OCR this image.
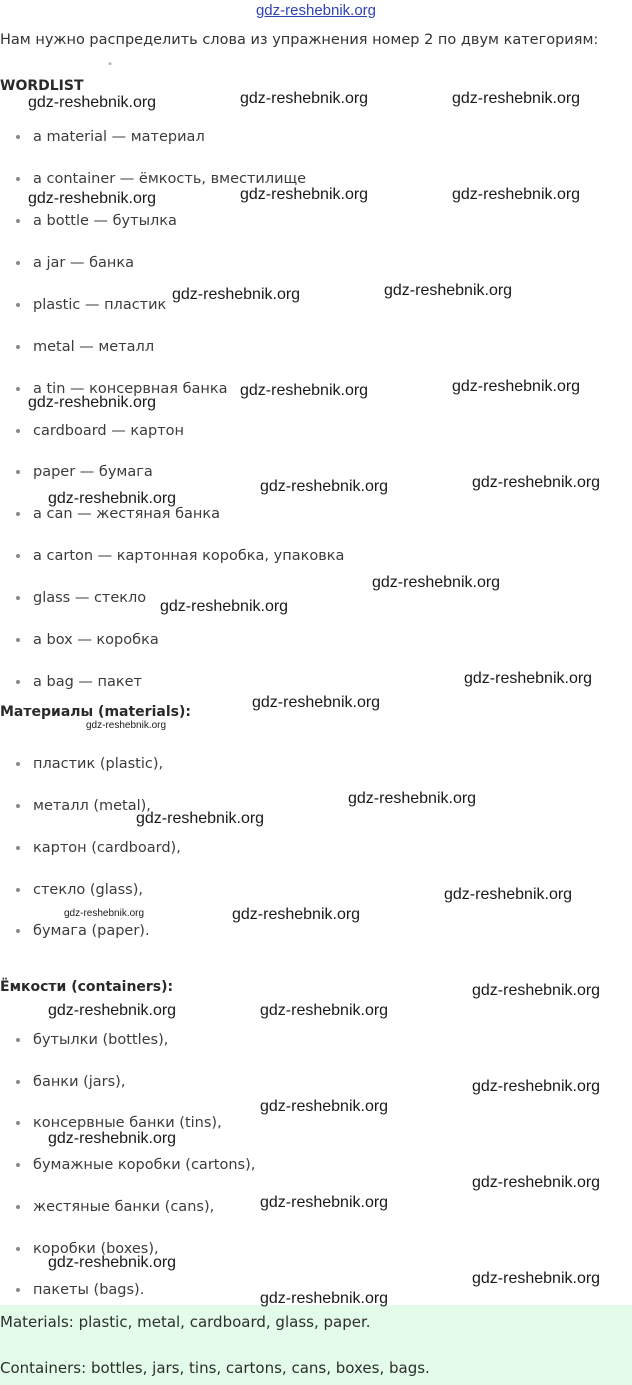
gdz-reshebnik.org
Нам нужно распределить слова из упражнения номер 2 по двум категориям:
"
WORDLIST
a material — материал
a container — ёмкость, вместилище
a bottle — бутылка
a jar — банка
plastic — пластик
metal — металл
a tin — консервная банка
cardboard — картон
paper — бумага
a can — жестяная банка
a carton — картонная коробка, упаковка
glass — стекло
a box — коробка
a bag — пакет
Материалы (materials):
пластик (plastic),
металл (metal),
картон (cardboard),
стекло (glass),
бумага (paper).
Ёмкости (containers):
бутылки (bottles),
банки (jars),
консервные банки (tins),
бумажные коробки (cartons),
жестяные банки (cans),
коробки (boxes),
пакеты (bags).
Materials: plastic, metal, cardboard, glass, paper.
Containers: bottles, jars, tins, cartons, cans, boxes, bags.
gdz-reshebnik.org	gdz-reshebnik.org	gdz-reshebnik.org
gdz-reshebnik.org	gdz-reshebnik.org	gdz-reshebnik.org
gdz-reshebnik.org	gdz-reshebnik.org
gdz-reshebnik.org	gdz-reshebnik.org
gdz-reshebnik.org
gdz-reshebnik.org
gdz-reshebnik.org	gdz-reshebnik.org
gdz-reshebnik.org
gdz-reshebnik.org
gdz-reshebnik.org
gdz-reshebnik.org
gdz-reshebnik.org
gdz-reshebnik.org
gdz-reshebnik.org
gdz-reshebnik.org
gdz-reshebnik.org	gdz-reshebnik.org
gdz-reshebnik.org
gdz-reshebnik.org	gdz-reshebnik.org
gdz-reshebnik.org
gdz-reshebnik.org
gdz-reshebnik.org
gdz-reshebnik.org
gdz-reshebnik.org
gdz-reshebnik.org
gdz-reshebnik.org
gdz-reshebnik.org
